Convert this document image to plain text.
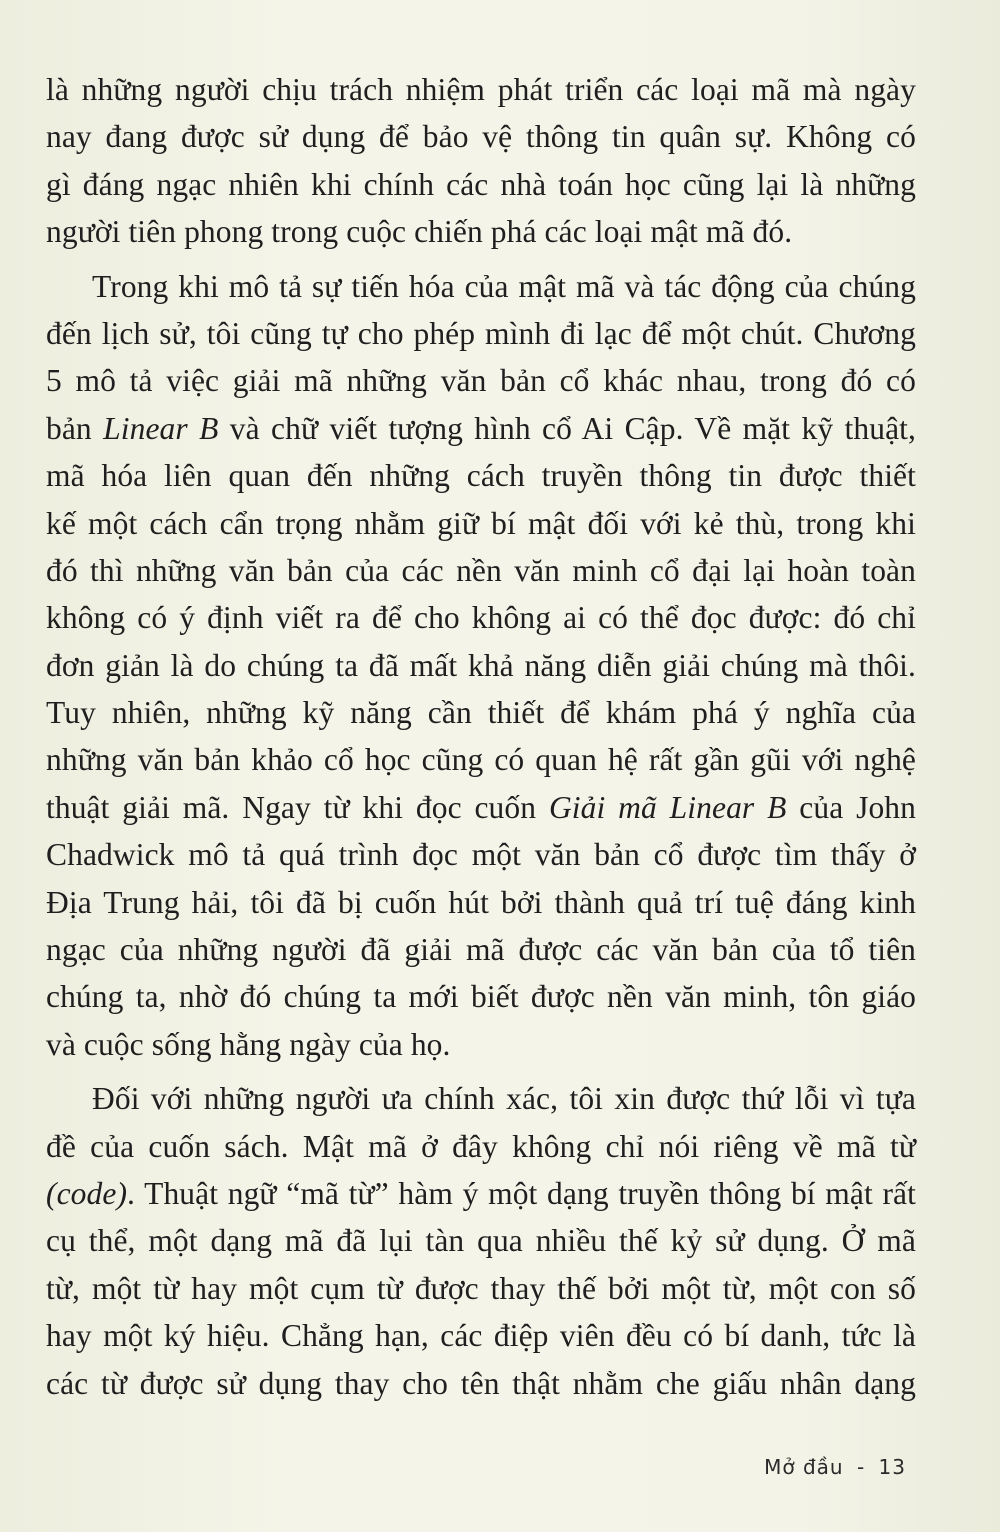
là những người chịu trách nhiệm phát triển các loại mã mà ngày
nay đang được sử dụng để bảo vệ thông tin quân sự. Không có
gì đáng ngạc nhiên khi chính các nhà toán học cũng lại là những
người tiên phong trong cuộc chiến phá các loại mật mã đó.
Trong khi mô tả sự tiến hóa của mật mã và tác động của chúng
đến lịch sử, tôi cũng tự cho phép mình đi lạc để một chút. Chương
5 mô tả việc giải mã những văn bản cổ khác nhau, trong đó có
bản Linear B và chữ viết tượng hình cổ Ai Cập. Về mặt kỹ thuật,
mã hóa liên quan đến những cách truyền thông tin được thiết
kế một cách cẩn trọng nhằm giữ bí mật đối với kẻ thù, trong khi
đó thì những văn bản của các nền văn minh cổ đại lại hoàn toàn
không có ý định viết ra để cho không ai có thể đọc được: đó chỉ
đơn giản là do chúng ta đã mất khả năng diễn giải chúng mà thôi.
Tuy nhiên, những kỹ năng cần thiết để khám phá ý nghĩa của
những văn bản khảo cổ học cũng có quan hệ rất gần gũi với nghệ
thuật giải mã. Ngay từ khi đọc cuốn Giải mã Linear B của John
Chadwick mô tả quá trình đọc một văn bản cổ được tìm thấy ở
Địa Trung hải, tôi đã bị cuốn hút bởi thành quả trí tuệ đáng kinh
ngạc của những người đã giải mã được các văn bản của tổ tiên
chúng ta, nhờ đó chúng ta mới biết được nền văn minh, tôn giáo
và cuộc sống hằng ngày của họ.
Đối với những người ưa chính xác, tôi xin được thứ lỗi vì tựa
đề của cuốn sách. Mật mã ở đây không chỉ nói riêng về mã từ
(code). Thuật ngữ “mã từ” hàm ý một dạng truyền thông bí mật rất
cụ thể, một dạng mã đã lụi tàn qua nhiều thế kỷ sử dụng. Ở mã
từ, một từ hay một cụm từ được thay thế bởi một từ, một con số
hay một ký hiệu. Chẳng hạn, các điệp viên đều có bí danh, tức là
các từ được sử dụng thay cho tên thật nhằm che giấu nhân dạng
Mở đầu - 13
